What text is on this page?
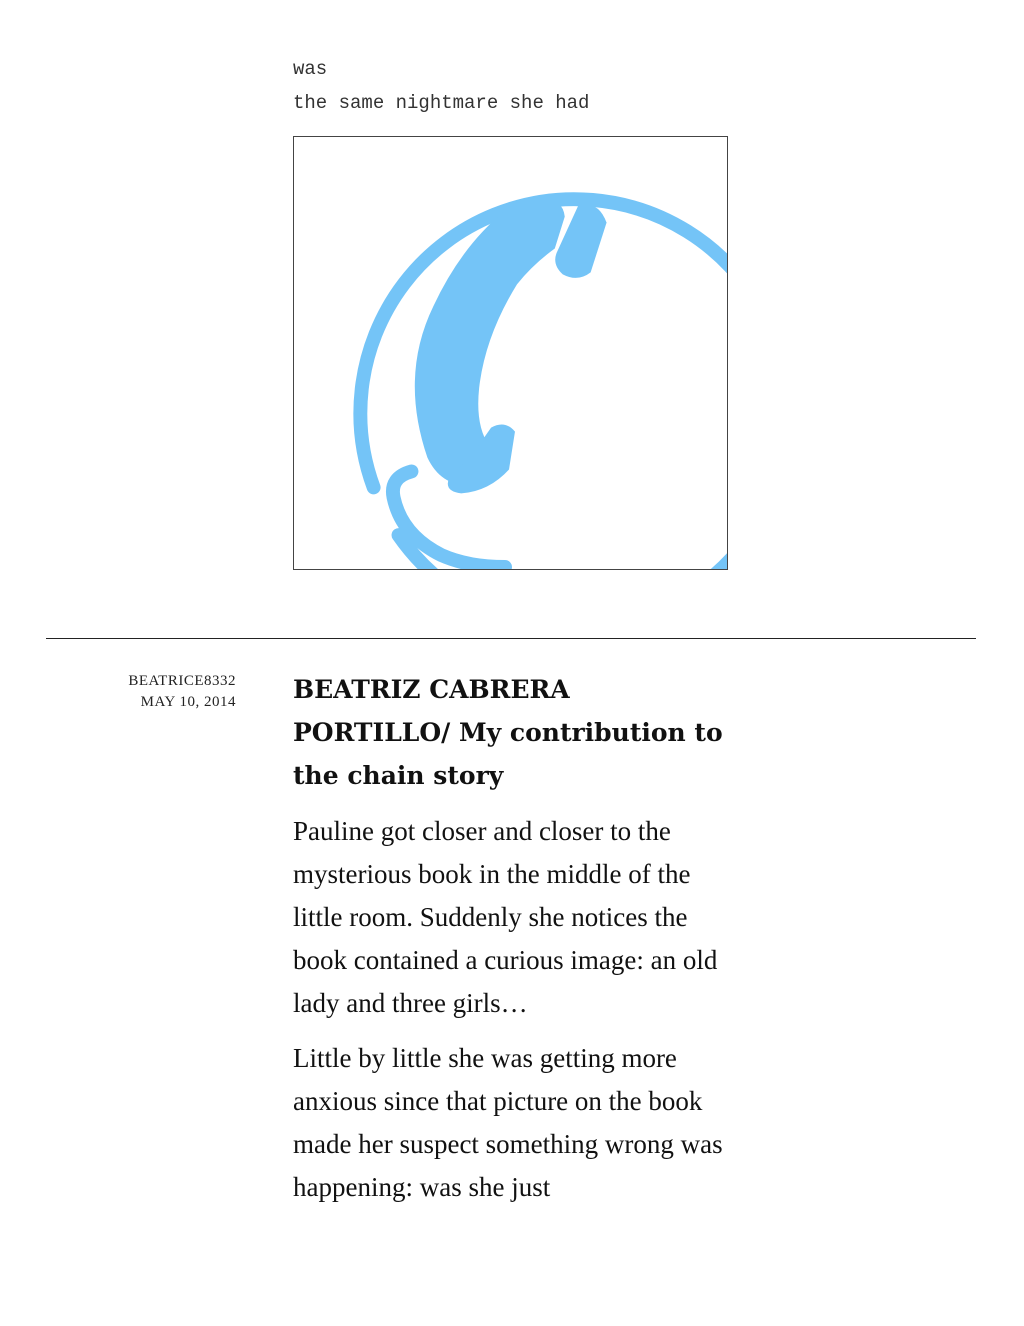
was
the same nightmare she had
BEATRICE8332
MAY 10, 2014 BEATRIZ CABRERA PORTILLO/ My contribution to the chain story

Pauline got closer and closer to the mysterious book in the middle of the little room. Suddenly she notices the book contained a curious image: an old lady and three girls…

Little by little she was getting more anxious since that picture on the book made her suspect something wrong was happening: was she just
